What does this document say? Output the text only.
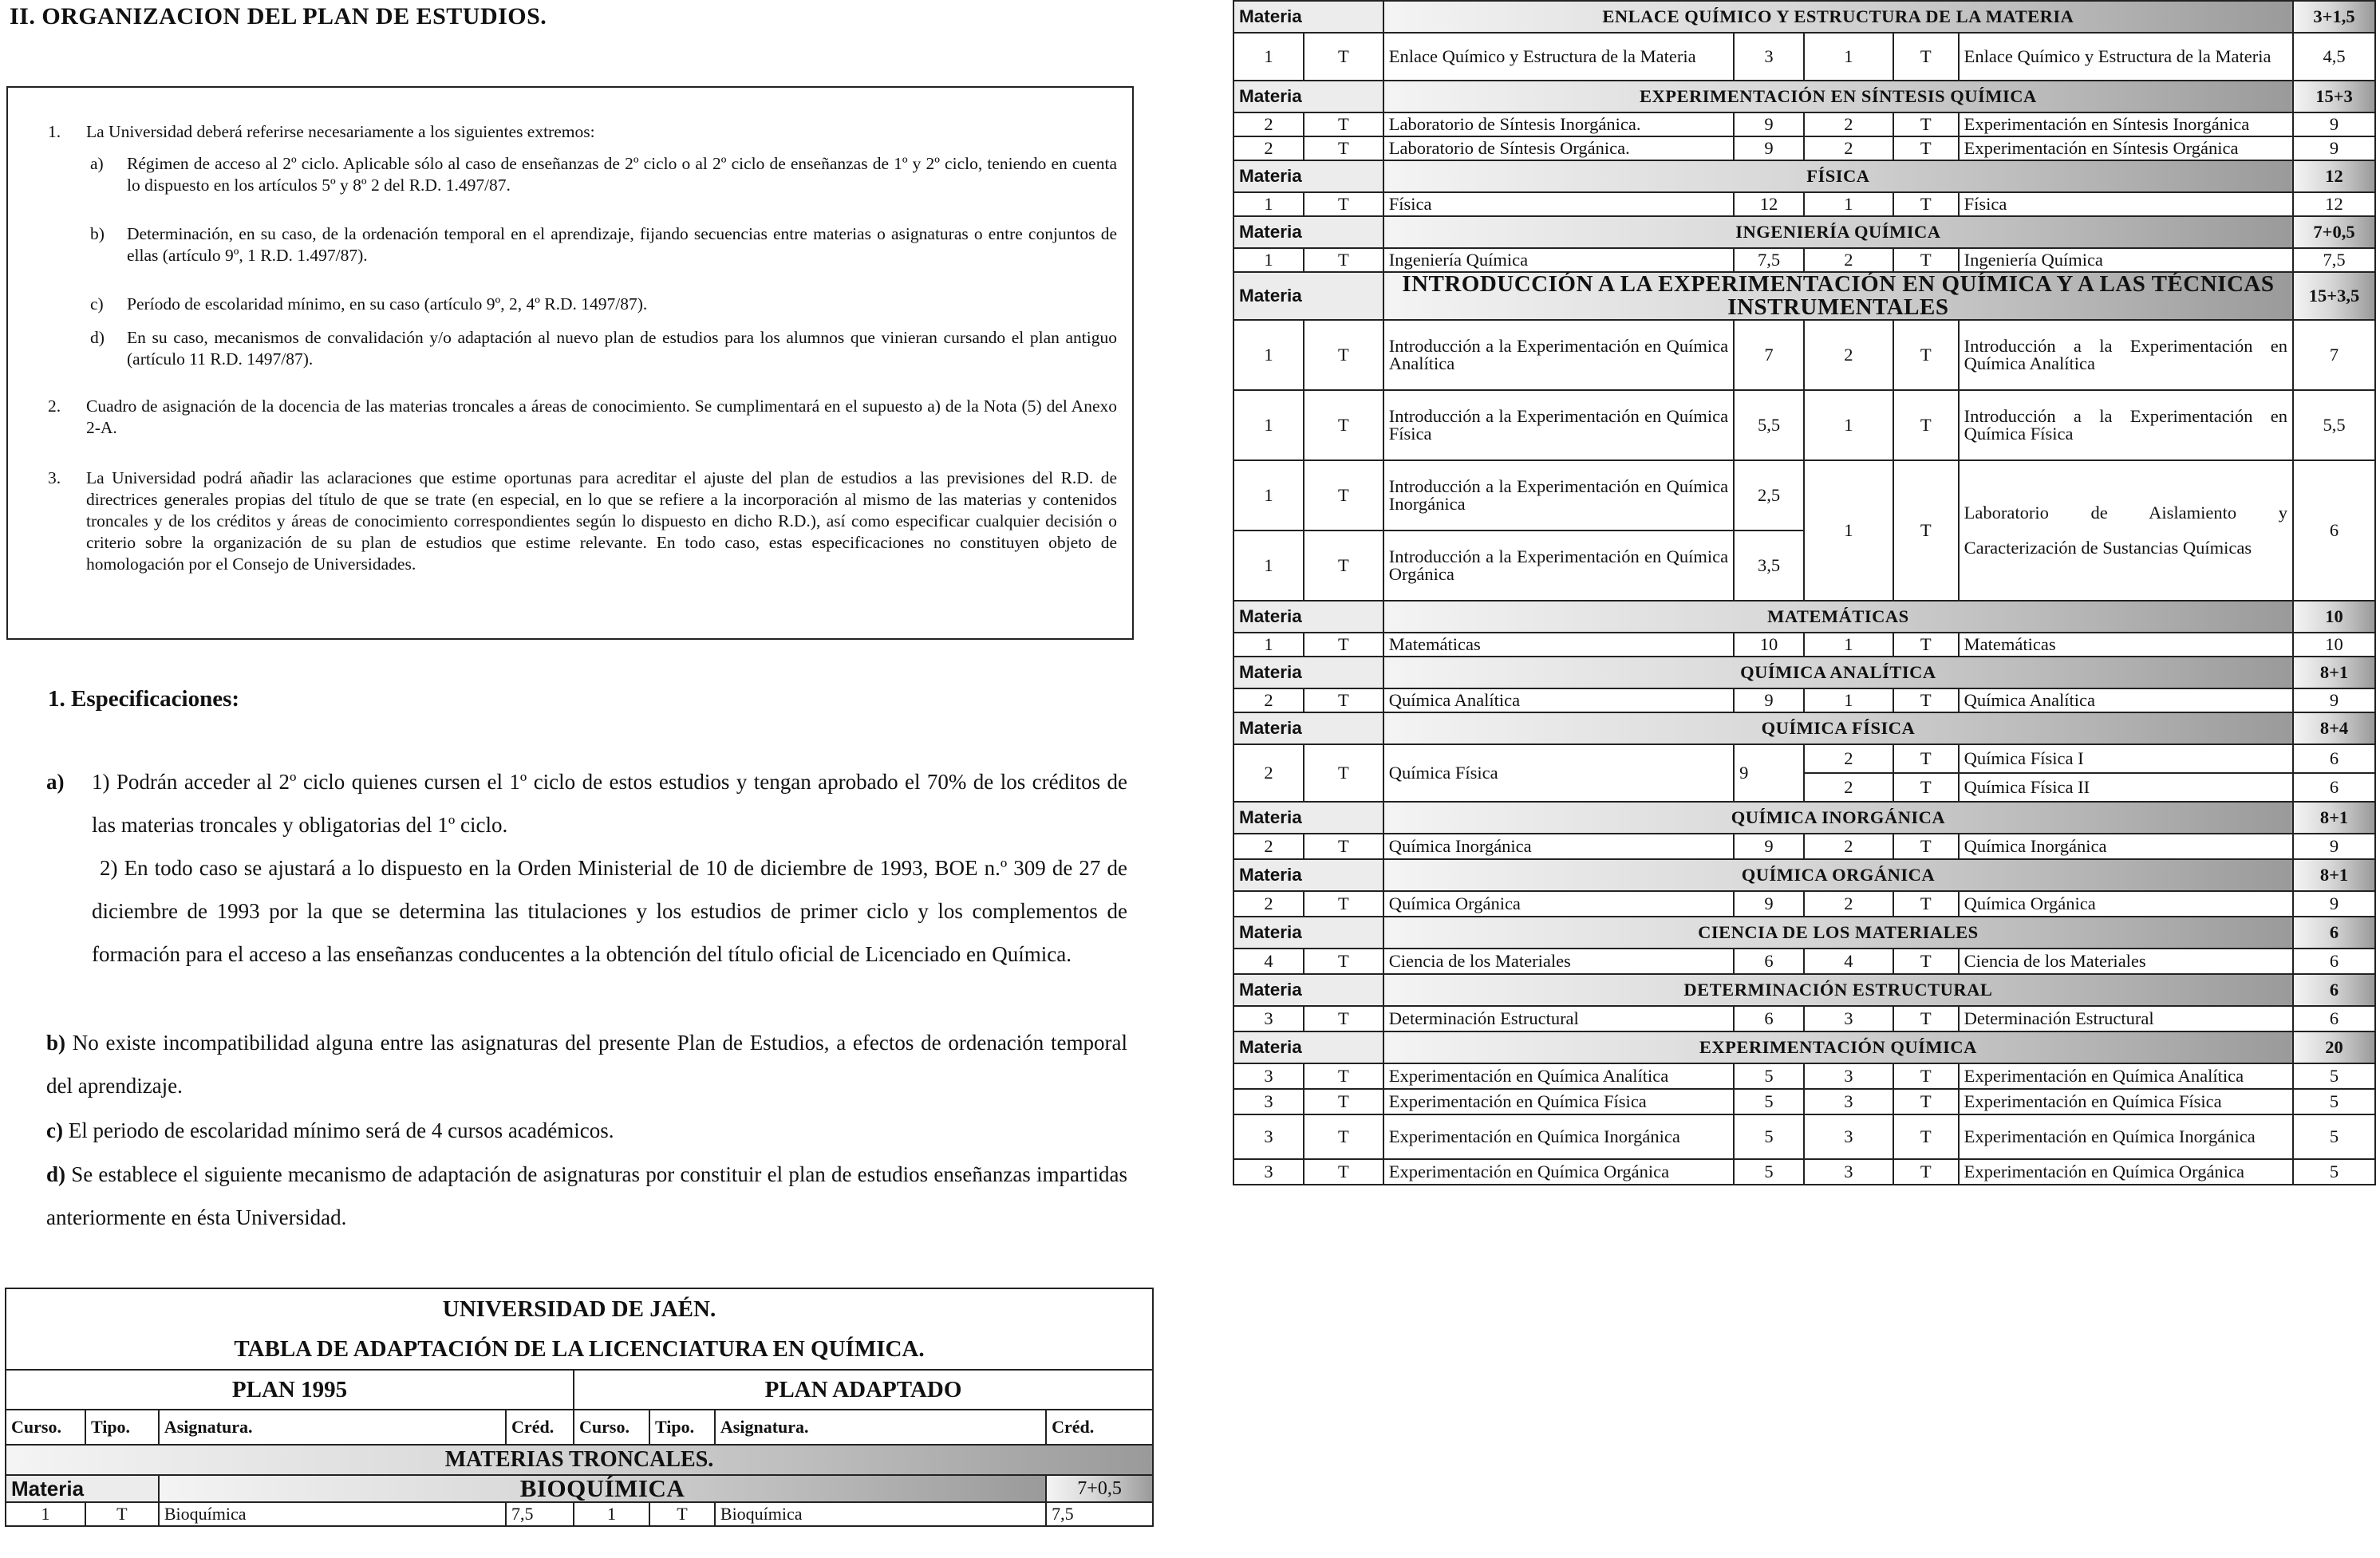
II. ORGANIZACION DEL PLAN DE ESTUDIOS.
1. La Universidad deberá referirse necesariamente a los siguientes extremos:
a) Régimen de acceso al 2º ciclo. Aplicable sólo al caso de enseñanzas de 2º ciclo o al 2º ciclo de enseñanzas de 1º y 2º ciclo, teniendo en cuenta lo dispuesto en los artículos 5º y 8º 2 del R.D. 1.497/87.
b) Determinación, en su caso, de la ordenación temporal en el aprendizaje, fijando secuencias entre materias o asignaturas o entre conjuntos de ellas (artículo 9º, 1 R.D. 1.497/87).
c) Período de escolaridad mínimo, en su caso (artículo 9º, 2, 4º R.D. 1497/87).
d) En su caso, mecanismos de convalidación y/o adaptación al nuevo plan de estudios para los alumnos que vinieran cursando el plan antiguo (artículo 11 R.D. 1497/87).
2. Cuadro de asignación de la docencia de las materias troncales a áreas de conocimiento. Se cumplimentará en el supuesto a) de la Nota (5) del Anexo 2-A.
3. La Universidad podrá añadir las aclaraciones que estime oportunas para acreditar el ajuste del plan de estudios a las previsiones del R.D. de directrices generales propias del título de que se trate (en especial, en lo que se refiere a la incorporación al mismo de las materias y contenidos troncales y de los créditos y áreas de conocimiento correspondientes según lo dispuesto en dicho R.D.), así como especificar cualquier decisión o criterio sobre la organización de su plan de estudios que estime relevante. En todo caso, estas especificaciones no constituyen objeto de homologación por el Consejo de Universidades.
1. Especificaciones:
a) 1) Podrán acceder al 2º ciclo quienes cursen el 1º ciclo de estos estudios y tengan aprobado el 70% de los créditos de las materias troncales y obligatorias del 1º ciclo.
2) En todo caso se ajustará a lo dispuesto en la Orden Ministerial de 10 de diciembre de 1993, BOE n.º 309 de 27 de diciembre de 1993 por la que se determina las titulaciones y los estudios de primer ciclo y los complementos de formación para el acceso a las enseñanzas conducentes a la obtención del título oficial de Licenciado en Química.
b) No existe incompatibilidad alguna entre las asignaturas del presente Plan de Estudios, a efectos de ordenación temporal del aprendizaje.
c) El periodo de escolaridad mínimo será de 4 cursos académicos.
d) Se establece el siguiente mecanismo de adaptación de asignaturas por constituir el plan de estudios enseñanzas impartidas anteriormente en ésta Universidad.
UNIVERSIDAD DE JAÉN.
TABLA DE ADAPTACIÓN DE LA LICENCIATURA EN QUÍMICA.							

PLAN 1995				PLAN ADAPTADO			
Curso.	Tipo.	Asignatura.	Créd.	Curso.	Tipo.	Asignatura.	Créd.
MATERIAS TRONCALES.							
Materia		BIOQUÍMICA					7+0,5
1	T	Bioquímica	7,5	1	T	Bioquímica	7,5
Materia		ENLACE QUÍMICO Y ESTRUCTURA DE LA MATERIA					3+1,5
1	T	Enlace Químico y Estructura de la Materia	3	1	T	Enlace Químico y Estructura de la Materia	4,5
Materia		EXPERIMENTACIÓN EN SÍNTESIS QUÍMICA					15+3
2	T	Laboratorio de Síntesis Inorgánica.	9	2	T	Experimentación en Síntesis Inorgánica	9
2	T	Laboratorio de Síntesis Orgánica.	9	2	T	Experimentación en Síntesis Orgánica	9
Materia		FÍSICA					12
1	T	Física	12	1	T	Física	12
Materia		INGENIERÍA QUÍMICA					7+0,5
1	T	Ingeniería Química	7,5	2	T	Ingeniería Química	7,5
Materia		INTRODUCCIÓN A LA EXPERIMENTACIÓN EN QUÍMICA Y A LAS TÉCNICAS INSTRUMENTALES					15+3,5
1	T	Introducción a la Experimentación en Química Analítica	7	2	T	Introducción a la Experimentación en Química Analítica	7
1	T	Introducción a la Experimentación en Química Física	5,5	1	T	Introducción a la Experimentación en Química Física	5,5
1	T	Introducción a la Experimentación en Química Inorgánica	2,5	1	T	Laboratorio de Aislamiento y Caracterización de Sustancias Químicas	6
1	T	Introducción a la Experimentación en Química Orgánica	3,5				
Materia		MATEMÁTICAS					10
1	T	Matemáticas	10	1	T	Matemáticas	10
Materia		QUÍMICA ANALÍTICA					8+1
2	T	Química Analítica	9	1	T	Química Analítica	9
Materia		QUÍMICA FÍSICA					8+4
2	T	Química Física	9	2	T	Química Física I	6
				2	T	Química Física II	6
Materia		QUÍMICA INORGÁNICA					8+1
2	T	Química Inorgánica	9	2	T	Química Inorgánica	9
Materia		QUÍMICA ORGÁNICA					8+1
2	T	Química Orgánica	9	2	T	Química Orgánica	9
Materia		CIENCIA DE LOS MATERIALES					6
4	T	Ciencia de los Materiales	6	4	T	Ciencia de los Materiales	6
Materia		DETERMINACIÓN ESTRUCTURAL					6
3	T	Determinación Estructural	6	3	T	Determinación Estructural	6
Materia		EXPERIMENTACIÓN QUÍMICA					20
3	T	Experimentación en Química Analítica	5	3	T	Experimentación en Química Analítica	5
3	T	Experimentación en Química Física	5	3	T	Experimentación en Química Física	5
3	T	Experimentación en Química Inorgánica	5	3	T	Experimentación en Química Inorgánica	5
3	T	Experimentación en Química Orgánica	5	3	T	Experimentación en Química Orgánica	5
